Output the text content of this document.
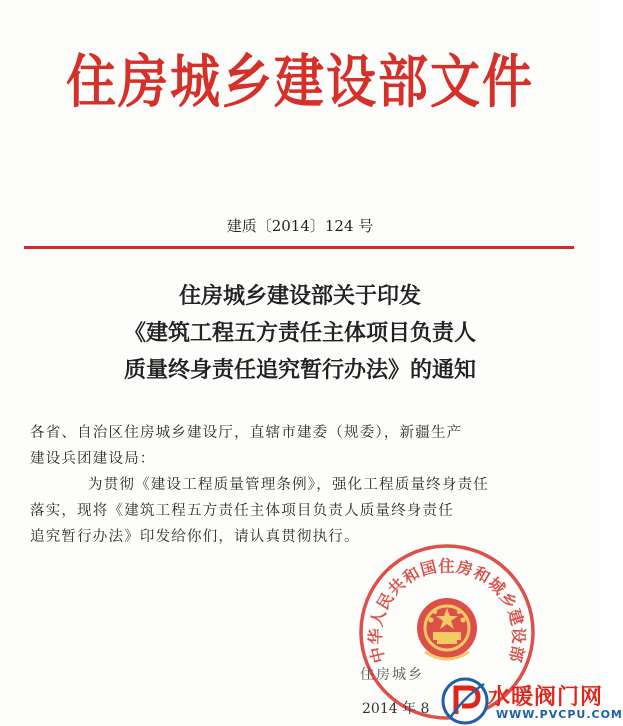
住房城乡建设部文件
建质〔2014〕124 号
住房城乡建设部关于印发
《建筑工程五方责任主体项目负责人
质量终身责任追究暂行办法》的通知
各省、自治区住房城乡建设厅，直辖市建委（规委），新疆生产
建设兵团建设局：
为贯彻《建设工程质量管理条例》，强化工程质量终身责任
落实，现将《建筑工程五方责任主体项目负责人质量终身责任
追究暂行办法》印发给你们，请认真贯彻执行。
中华人民共和国住房和城乡建设部
住房城乡
2014 年 8	水暖阀门网
WWW.PVCPU.COM
